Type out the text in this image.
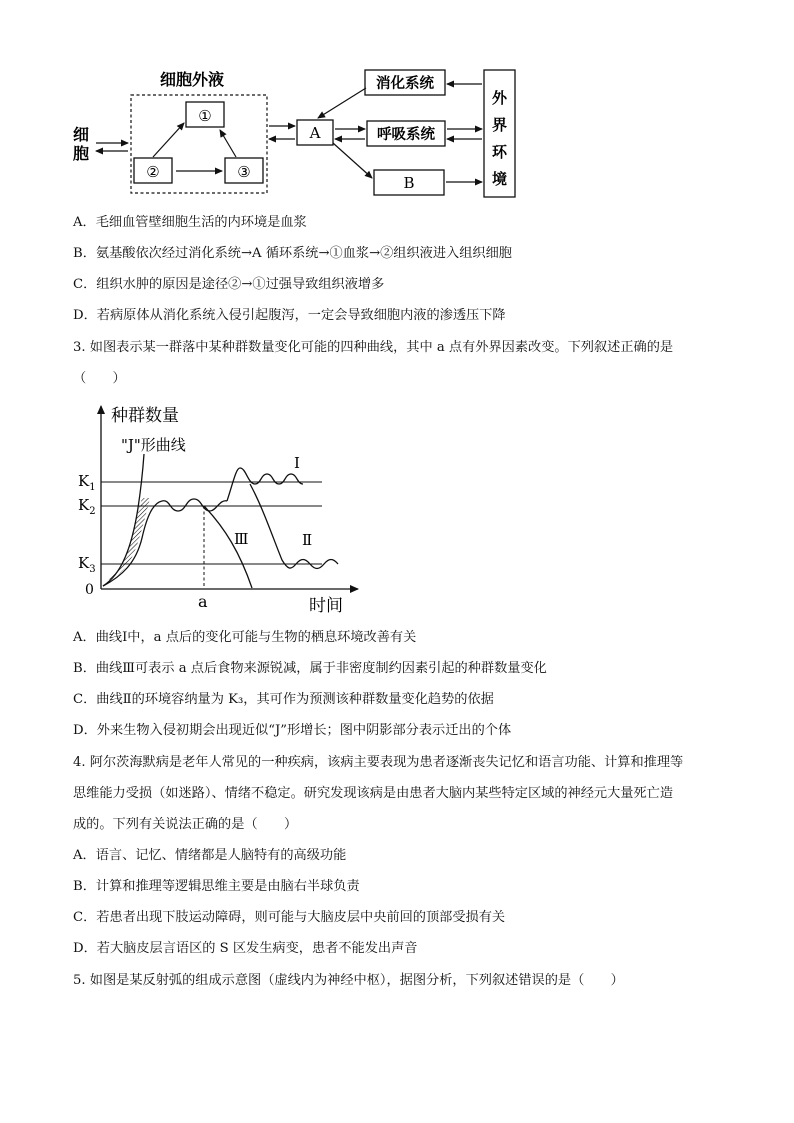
细胞外液
①
②	③
细
胞
A
消化系统
呼吸系统
B
外
界
环
境
A．毛细血管壁细胞生活的内环境是血浆
B．氨基酸依次经过消化系统→A 循环系统→①血浆→②组织液进入组织细胞
C．组织水肿的原因是途径②→①过强导致组织液增多
D．若病原体从消化系统入侵引起腹泻，一定会导致细胞内液的渗透压下降
3. 如图表示某一群落中某种群数量变化可能的四种曲线，其中 a 点有外界因素改变。下列叙述正确的是
（　　）
种群数量
时间
0
$K_1$
$K_2$
$K_3$
"J"形曲线
Ⅰ
Ⅱ
Ⅲ
a
A．曲线Ⅰ中，a 点后的变化可能与生物的栖息环境改善有关
B．曲线Ⅲ可表示 a 点后食物来源锐减，属于非密度制约因素引起的种群数量变化
C．曲线Ⅱ的环境容纳量为 K₃，其可作为预测该种群数量变化趋势的依据
D．外来生物入侵初期会出现近似“J”形增长；图中阴影部分表示迁出的个体
4. 阿尔茨海默病是老年人常见的一种疾病，该病主要表现为患者逐渐丧失记忆和语言功能、计算和推理等
思维能力受损（如迷路）、情绪不稳定。研究发现该病是由患者大脑内某些特定区域的神经元大量死亡造
成的。下列有关说法正确的是（　　）
A．语言、记忆、情绪都是人脑特有的高级功能
B．计算和推理等逻辑思维主要是由脑右半球负责
C．若患者出现下肢运动障碍，则可能与大脑皮层中央前回的顶部受损有关
D．若大脑皮层言语区的 S 区发生病变，患者不能发出声音
5. 如图是某反射弧的组成示意图（虚线内为神经中枢），据图分析，下列叙述错误的是（　　）
